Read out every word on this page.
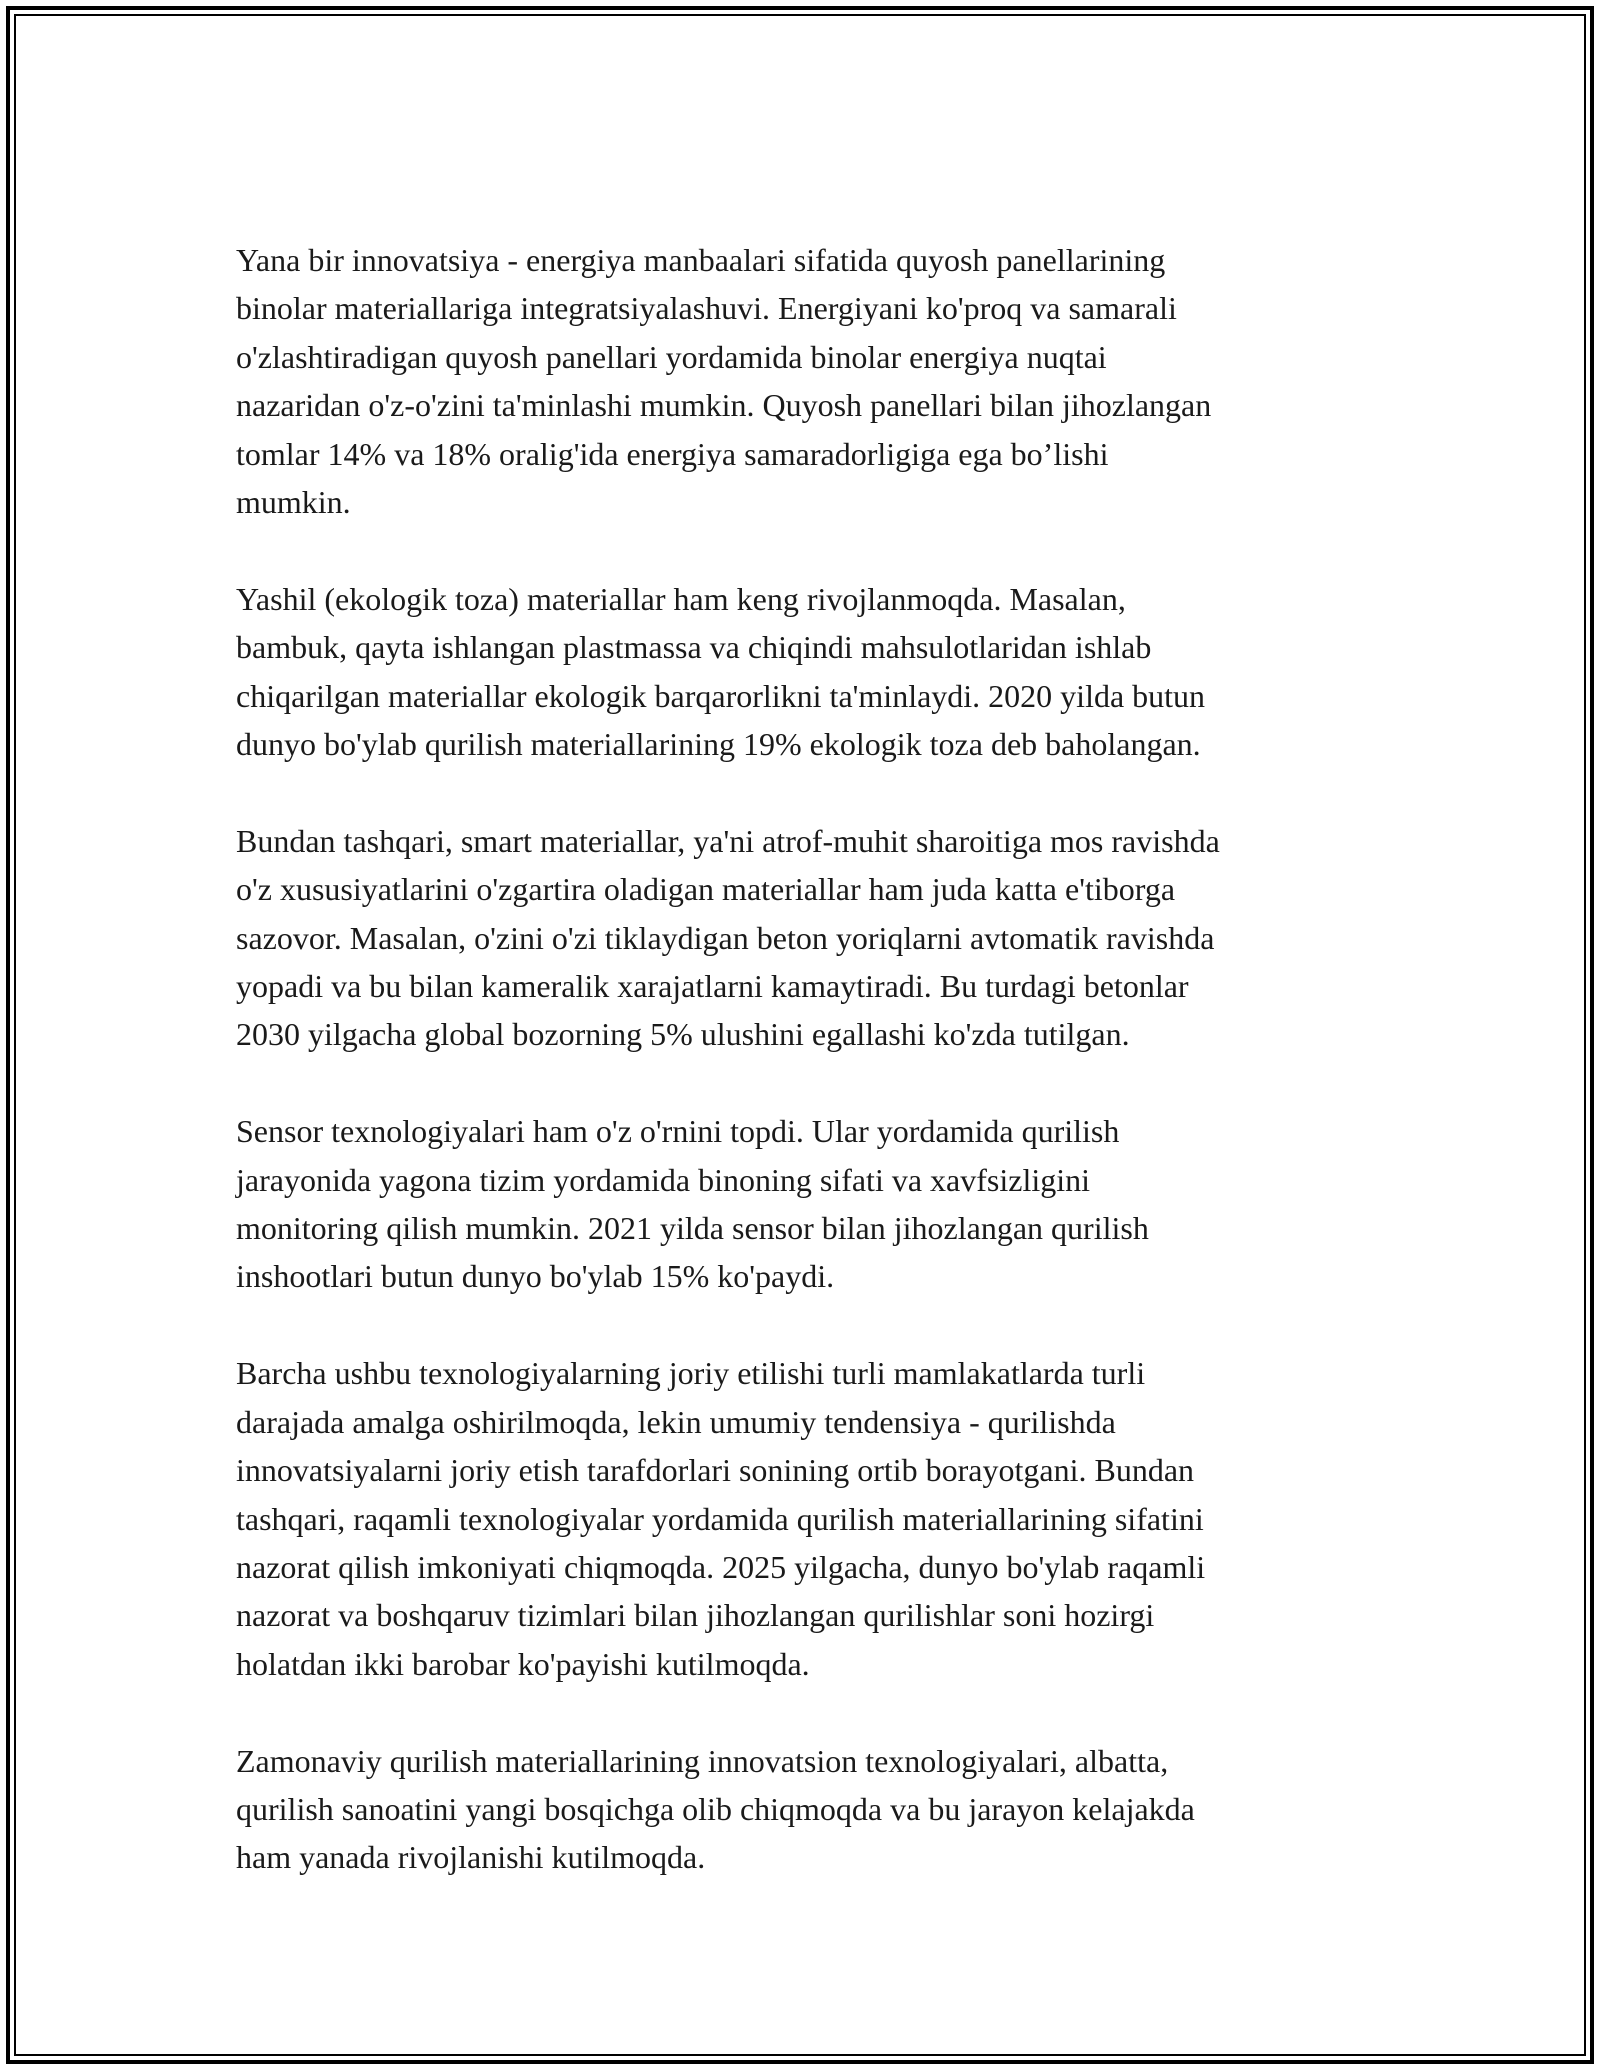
Yana bir innovatsiya - energiya manbaalari sifatida quyosh panellarining
binolar materiallariga integratsiyalashuvi. Energiyani ko'proq va samarali
o'zlashtiradigan quyosh panellari yordamida binolar energiya nuqtai
nazaridan o'z-o'zini ta'minlashi mumkin. Quyosh panellari bilan jihozlangan
tomlar 14% va 18% oralig'ida energiya samaradorligiga ega bo’lishi
mumkin.

Yashil (ekologik toza) materiallar ham keng rivojlanmoqda. Masalan,
bambuk, qayta ishlangan plastmassa va chiqindi mahsulotlaridan ishlab
chiqarilgan materiallar ekologik barqarorlikni ta'minlaydi. 2020 yilda butun
dunyo bo'ylab qurilish materiallarining 19% ekologik toza deb baholangan.

Bundan tashqari, smart materiallar, ya'ni atrof-muhit sharoitiga mos ravishda
o'z xususiyatlarini o'zgartira oladigan materiallar ham juda katta e'tiborga
sazovor. Masalan, o'zini o'zi tiklaydigan beton yoriqlarni avtomatik ravishda
yopadi va bu bilan kameralik xarajatlarni kamaytiradi. Bu turdagi betonlar
2030 yilgacha global bozorning 5% ulushini egallashi ko'zda tutilgan.

Sensor texnologiyalari ham o'z o'rnini topdi. Ular yordamida qurilish
jarayonida yagona tizim yordamida binoning sifati va xavfsizligini
monitoring qilish mumkin. 2021 yilda sensor bilan jihozlangan qurilish
inshootlari butun dunyo bo'ylab 15% ko'paydi.

Barcha ushbu texnologiyalarning joriy etilishi turli mamlakatlarda turli
darajada amalga oshirilmoqda, lekin umumiy tendensiya - qurilishda
innovatsiyalarni joriy etish tarafdorlari sonining ortib borayotgani. Bundan
tashqari, raqamli texnologiyalar yordamida qurilish materiallarining sifatini
nazorat qilish imkoniyati chiqmoqda. 2025 yilgacha, dunyo bo'ylab raqamli
nazorat va boshqaruv tizimlari bilan jihozlangan qurilishlar soni hozirgi
holatdan ikki barobar ko'payishi kutilmoqda.

Zamonaviy qurilish materiallarining innovatsion texnologiyalari, albatta,
qurilish sanoatini yangi bosqichga olib chiqmoqda va bu jarayon kelajakda
ham yanada rivojlanishi kutilmoqda.
